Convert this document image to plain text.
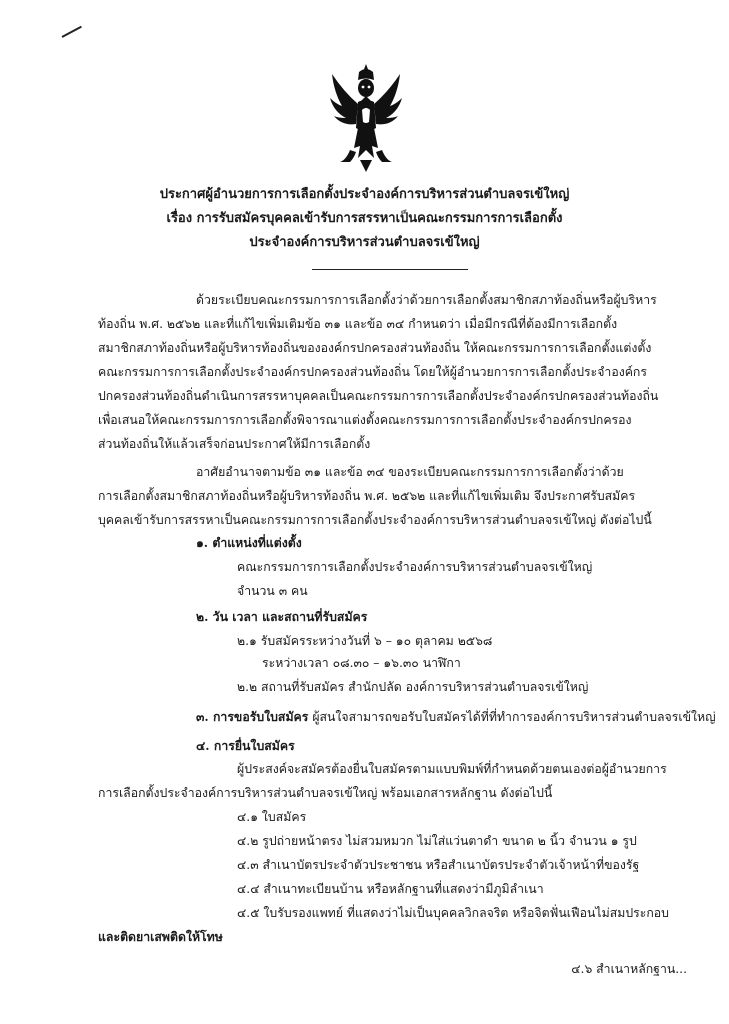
ประกาศผู้อำนวยการการเลือกตั้งประจำองค์การบริหารส่วนตำบลจรเข้ใหญ่
เรื่อง การรับสมัครบุคคลเข้ารับการสรรหาเป็นคณะกรรมการการเลือกตั้ง
ประจำองค์การบริหารส่วนตำบลจรเข้ใหญ่
ด้วยระเบียบคณะกรรมการการเลือกตั้งว่าด้วยการเลือกตั้งสมาชิกสภาท้องถิ่นหรือผู้บริหาร
ท้องถิ่น พ.ศ. ๒๕๖๒ และที่แก้ไขเพิ่มเติมข้อ ๓๑ และข้อ ๓๔ กำหนดว่า เมื่อมีกรณีที่ต้องมีการเลือกตั้ง
สมาชิกสภาท้องถิ่นหรือผู้บริหารท้องถิ่นขององค์กรปกครองส่วนท้องถิ่น ให้คณะกรรมการการเลือกตั้งแต่งตั้ง
คณะกรรมการการเลือกตั้งประจำองค์กรปกครองส่วนท้องถิ่น โดยให้ผู้อำนวยการการเลือกตั้งประจำองค์กร
ปกครองส่วนท้องถิ่นดำเนินการสรรหาบุคคลเป็นคณะกรรมการการเลือกตั้งประจำองค์กรปกครองส่วนท้องถิ่น
เพื่อเสนอให้คณะกรรมการการเลือกตั้งพิจารณาแต่งตั้งคณะกรรมการการเลือกตั้งประจำองค์กรปกครอง
ส่วนท้องถิ่นให้แล้วเสร็จก่อนประกาศให้มีการเลือกตั้ง
อาศัยอำนาจตามข้อ ๓๑ และข้อ ๓๔ ของระเบียบคณะกรรมการการเลือกตั้งว่าด้วย
การเลือกตั้งสมาชิกสภาท้องถิ่นหรือผู้บริหารท้องถิ่น พ.ศ. ๒๕๖๒ และที่แก้ไขเพิ่มเติม จึงประกาศรับสมัคร
บุคคลเข้ารับการสรรหาเป็นคณะกรรมการการเลือกตั้งประจำองค์การบริหารส่วนตำบลจรเข้ใหญ่ ดังต่อไปนี้
๑. ตำแหน่งที่แต่งตั้ง
คณะกรรมการการเลือกตั้งประจำองค์การบริหารส่วนตำบลจรเข้ใหญ่
จำนวน ๓ คน
๒. วัน เวลา และสถานที่รับสมัคร
๒.๑ รับสมัครระหว่างวันที่ ๖ – ๑๐ ตุลาคม ๒๕๖๘
ระหว่างเวลา ๐๘.๓๐ – ๑๖.๓๐ นาฬิกา
๒.๒ สถานที่รับสมัคร สำนักปลัด องค์การบริหารส่วนตำบลจรเข้ใหญ่
๓. การขอรับใบสมัคร ผู้สนใจสามารถขอรับใบสมัครได้ที่ที่ทำการองค์การบริหารส่วนตำบลจรเข้ใหญ่
๔. การยื่นใบสมัคร
ผู้ประสงค์จะสมัครต้องยื่นใบสมัครตามแบบพิมพ์ที่กำหนดด้วยตนเองต่อผู้อำนวยการ
การเลือกตั้งประจำองค์การบริหารส่วนตำบลจรเข้ใหญ่ พร้อมเอกสารหลักฐาน ดังต่อไปนี้
๔.๑ ใบสมัคร
๔.๒ รูปถ่ายหน้าตรง ไม่สวมหมวก ไม่ใส่แว่นตาดำ ขนาด ๒ นิ้ว จำนวน ๑ รูป
๔.๓ สำเนาบัตรประจำตัวประชาชน หรือสำเนาบัตรประจำตัวเจ้าหน้าที่ของรัฐ
๔.๔ สำเนาทะเบียนบ้าน หรือหลักฐานที่แสดงว่ามีภูมิลำเนา
๔.๕ ใบรับรองแพทย์ ที่แสดงว่าไม่เป็นบุคคลวิกลจริต หรือจิตฟั่นเฟือนไม่สมประกอบ
และติดยาเสพติดให้โทษ
๔.๖ สำเนาหลักฐาน...
